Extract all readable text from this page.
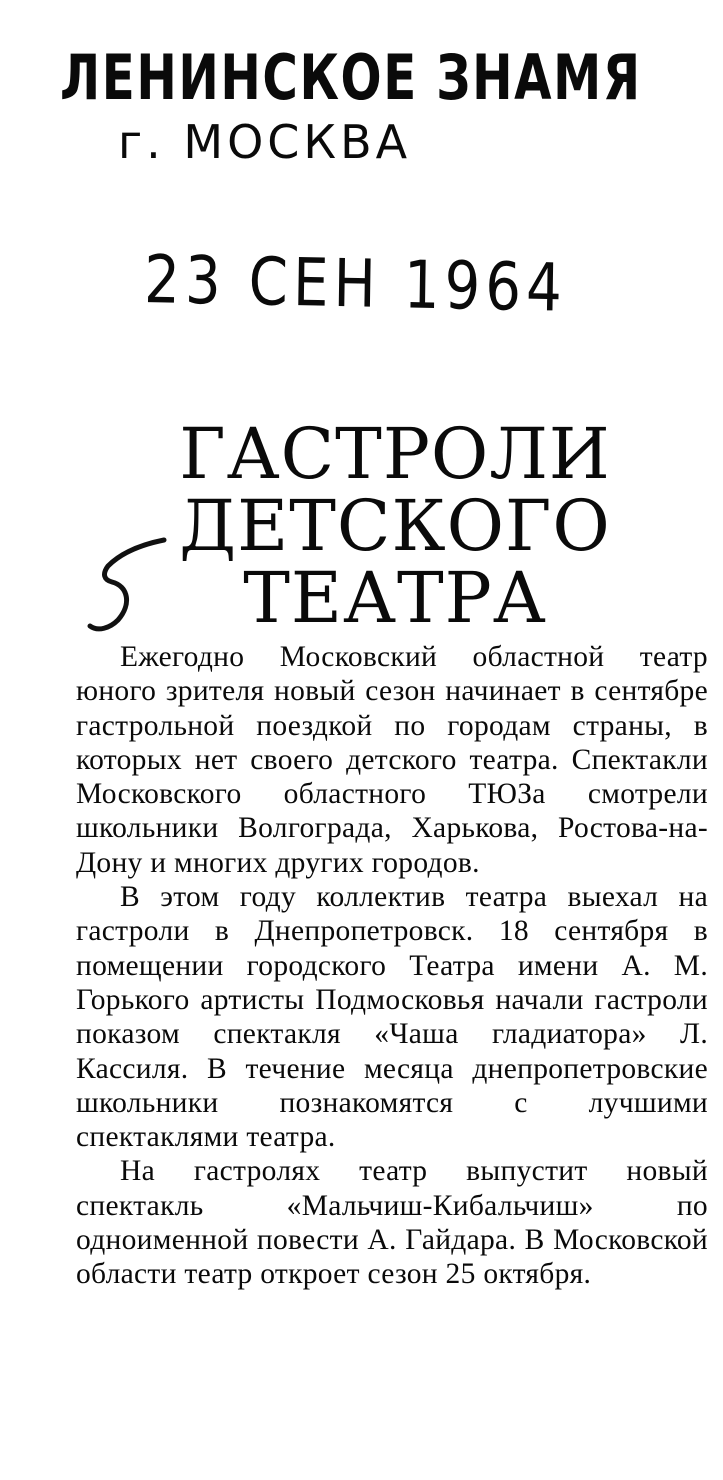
ЛЕНИНСКОЕ ЗНАМЯ
г. МОСКВА
23 СЕН 1964
ГАСТРОЛИ
ДЕТСКОГО
ТЕАТРА

Ежегодно Московский областной театр юного зрителя новый сезон начинает в сентябре гастрольной поездкой по городам страны, в которых нет своего детского театра. Спектакли Московского областного ТЮЗа смотрели школьники Волгограда, Харькова, Ростова-на-Дону и многих других городов.

В этом году коллектив театра выехал на гастроли в Днепропетровск. 18 сентября в помещении городского Театра имени А. М. Горького артисты Подмосковья начали гастроли показом спектакля «Чаша гладиатора» Л. Кассиля. В течение месяца днепропетровские школьники познакомятся с лучшими спектаклями театра.

На гастролях театр выпустит новый спектакль «Мальчиш-Кибальчиш» по одноименной повести А. Гайдара. В Московской области театр откроет сезон 25 октября.
